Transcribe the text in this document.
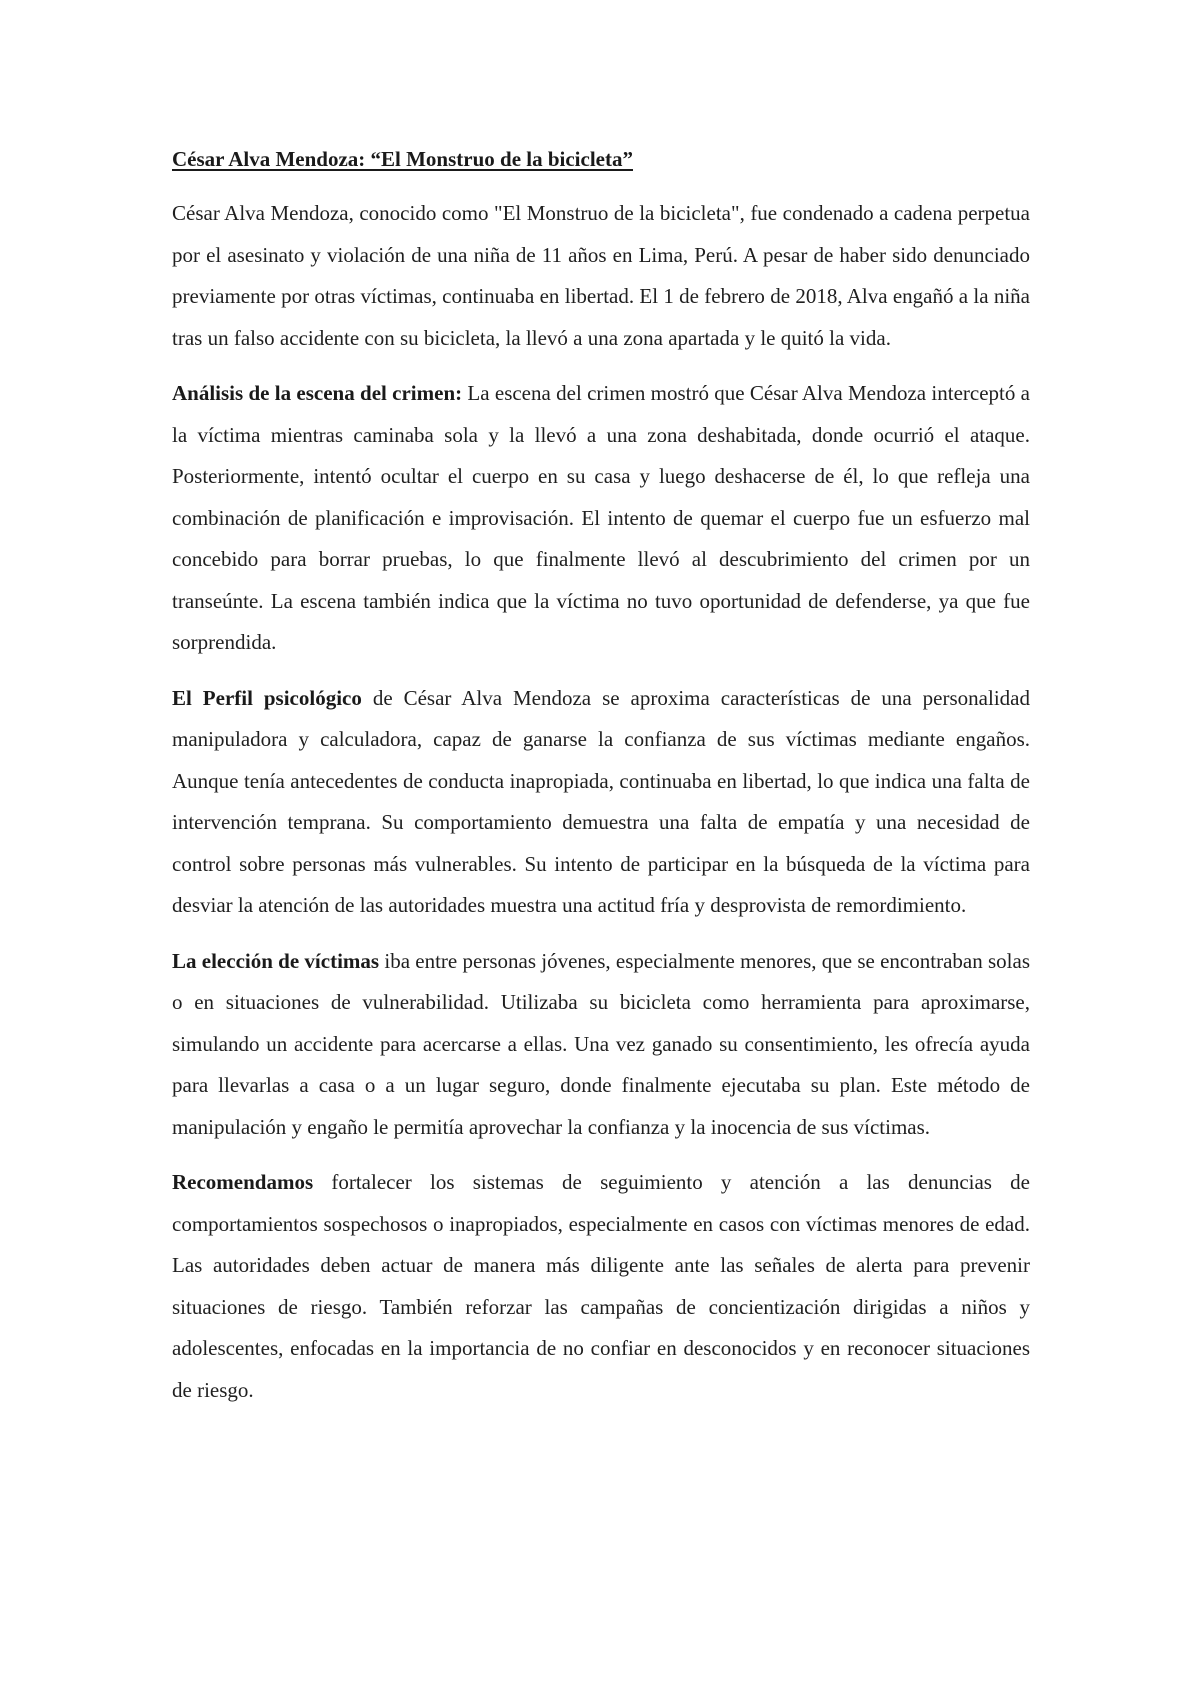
César Alva Mendoza: “El Monstruo de la bicicleta”

César Alva Mendoza, conocido como "El Monstruo de la bicicleta", fue condenado a cadena perpetua por el asesinato y violación de una niña de 11 años en Lima, Perú. A pesar de haber sido denunciado previamente por otras víctimas, continuaba en libertad. El 1 de febrero de 2018, Alva engañó a la niña tras un falso accidente con su bicicleta, la llevó a una zona apartada y le quitó la vida.

Análisis de la escena del crimen: La escena del crimen mostró que César Alva Mendoza interceptó a la víctima mientras caminaba sola y la llevó a una zona deshabitada, donde ocurrió el ataque. Posteriormente, intentó ocultar el cuerpo en su casa y luego deshacerse de él, lo que refleja una combinación de planificación e improvisación. El intento de quemar el cuerpo fue un esfuerzo mal concebido para borrar pruebas, lo que finalmente llevó al descubrimiento del crimen por un transeúnte. La escena también indica que la víctima no tuvo oportunidad de defenderse, ya que fue sorprendida.

El Perfil psicológico de César Alva Mendoza se aproxima características de una personalidad manipuladora y calculadora, capaz de ganarse la confianza de sus víctimas mediante engaños. Aunque tenía antecedentes de conducta inapropiada, continuaba en libertad, lo que indica una falta de intervención temprana. Su comportamiento demuestra una falta de empatía y una necesidad de control sobre personas más vulnerables. Su intento de participar en la búsqueda de la víctima para desviar la atención de las autoridades muestra una actitud fría y desprovista de remordimiento.

La elección de víctimas iba entre personas jóvenes, especialmente menores, que se encontraban solas o en situaciones de vulnerabilidad. Utilizaba su bicicleta como herramienta para aproximarse, simulando un accidente para acercarse a ellas. Una vez ganado su consentimiento, les ofrecía ayuda para llevarlas a casa o a un lugar seguro, donde finalmente ejecutaba su plan. Este método de manipulación y engaño le permitía aprovechar la confianza y la inocencia de sus víctimas.

Recomendamos fortalecer los sistemas de seguimiento y atención a las denuncias de comportamientos sospechosos o inapropiados, especialmente en casos con víctimas menores de edad. Las autoridades deben actuar de manera más diligente ante las señales de alerta para prevenir situaciones de riesgo. También reforzar las campañas de concientización dirigidas a niños y adolescentes, enfocadas en la importancia de no confiar en desconocidos y en reconocer situaciones de riesgo.
